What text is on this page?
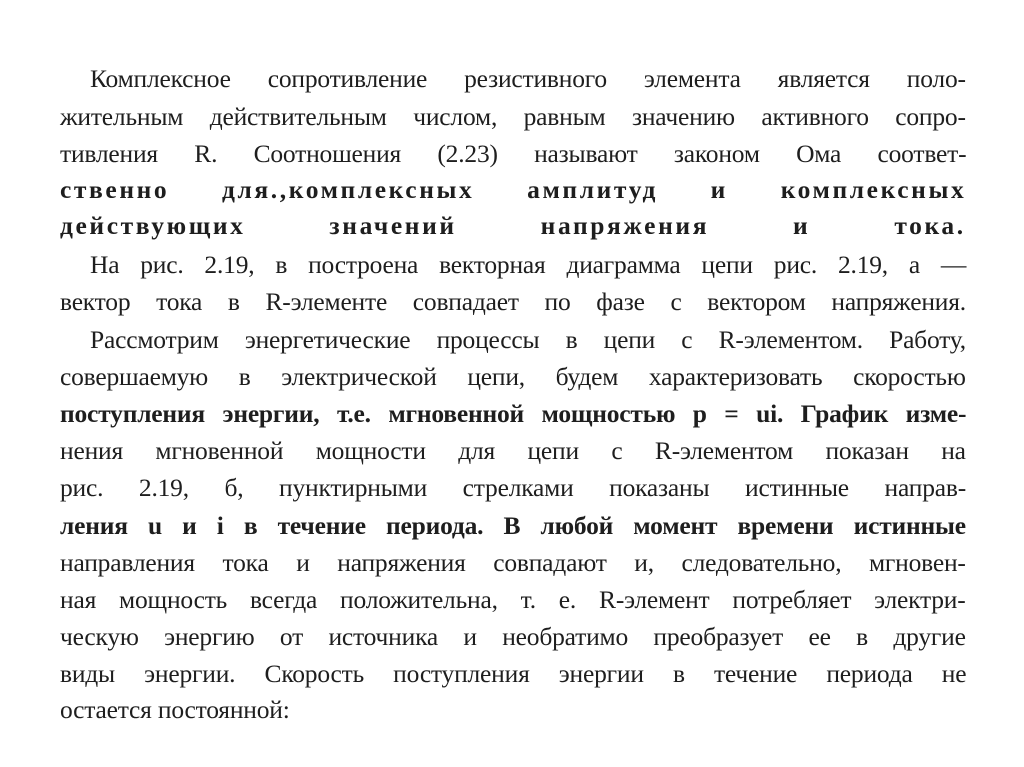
Комплексное сопротивление резистивного элемента является поло-
жительным действительным числом, равным значению активного сопро-
тивления R. Соотношения (2.23) называют законом Ома соответ-
ственно для.,комплексных амплитуд и комплексных
действующих значений напряжения и тока.
На рис. 2.19, в построена векторная диаграмма цепи рис. 2.19, а —
вектор тока в R-элементе совпадает по фазе с вектором напряжения.
Рассмотрим энергетические процессы в цепи с R-элементом. Работу,
совершаемую в электрической цепи, будем характеризовать скоростью
поступления энергии, т.е. мгновенной мощностью p = ui. График изме-
нения мгновенной мощности для цепи с R-элементом показан на
рис. 2.19, б, пунктирными стрелками показаны истинные направ-
ления u и i в течение периода. В любой момент времени истинные
направления тока и напряжения совпадают и, следовательно, мгновен-
ная мощность всегда положительна, т. е. R-элемент потребляет электри-
ческую энергию от источника и необратимо преобразует ее в другие
виды энергии. Скорость поступления энергии в течение периода не
остается постоянной:
